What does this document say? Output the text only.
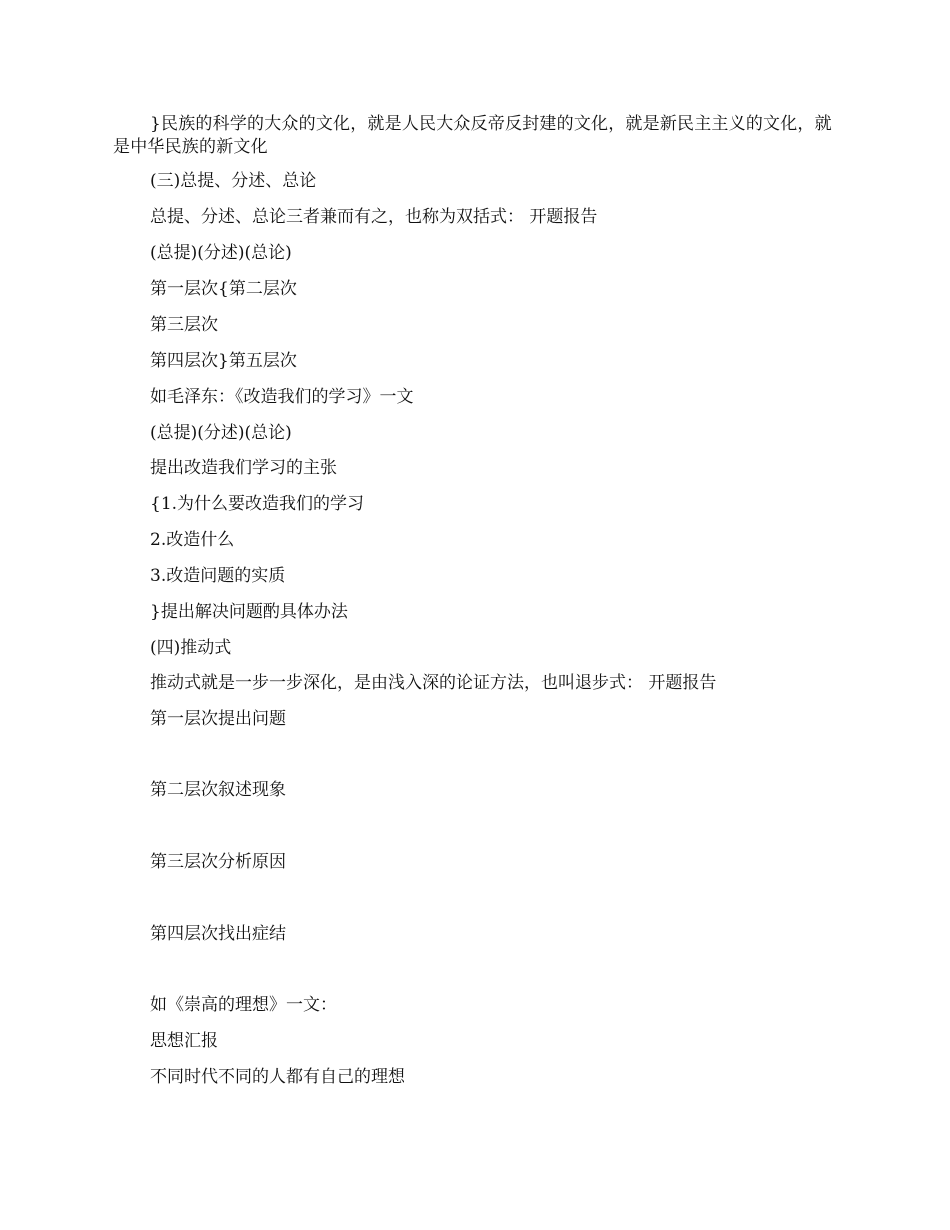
}民族的科学的大众的文化，就是人民大众反帝反封建的文化，就是新民主主义的文化，就是中华民族的新文化
(三)总提、分述、总论
总提、分述、总论三者兼而有之，也称为双括式： 开题报告
(总提)(分述)(总论)
第一层次{第二层次
第三层次
第四层次}第五层次
如毛泽东：《改造我们的学习》一文
(总提)(分述)(总论)
提出改造我们学习的主张
{1.为什么要改造我们的学习
2.改造什么
3.改造问题的实质
}提出解决问题酌具体办法
(四)推动式
推动式就是一步一步深化，是由浅入深的论证方法，也叫退步式： 开题报告
第一层次提出问题
第二层次叙述现象
第三层次分析原因
第四层次找出症结
如《崇高的理想》一文：
思想汇报
不同时代不同的人都有自己的理想
